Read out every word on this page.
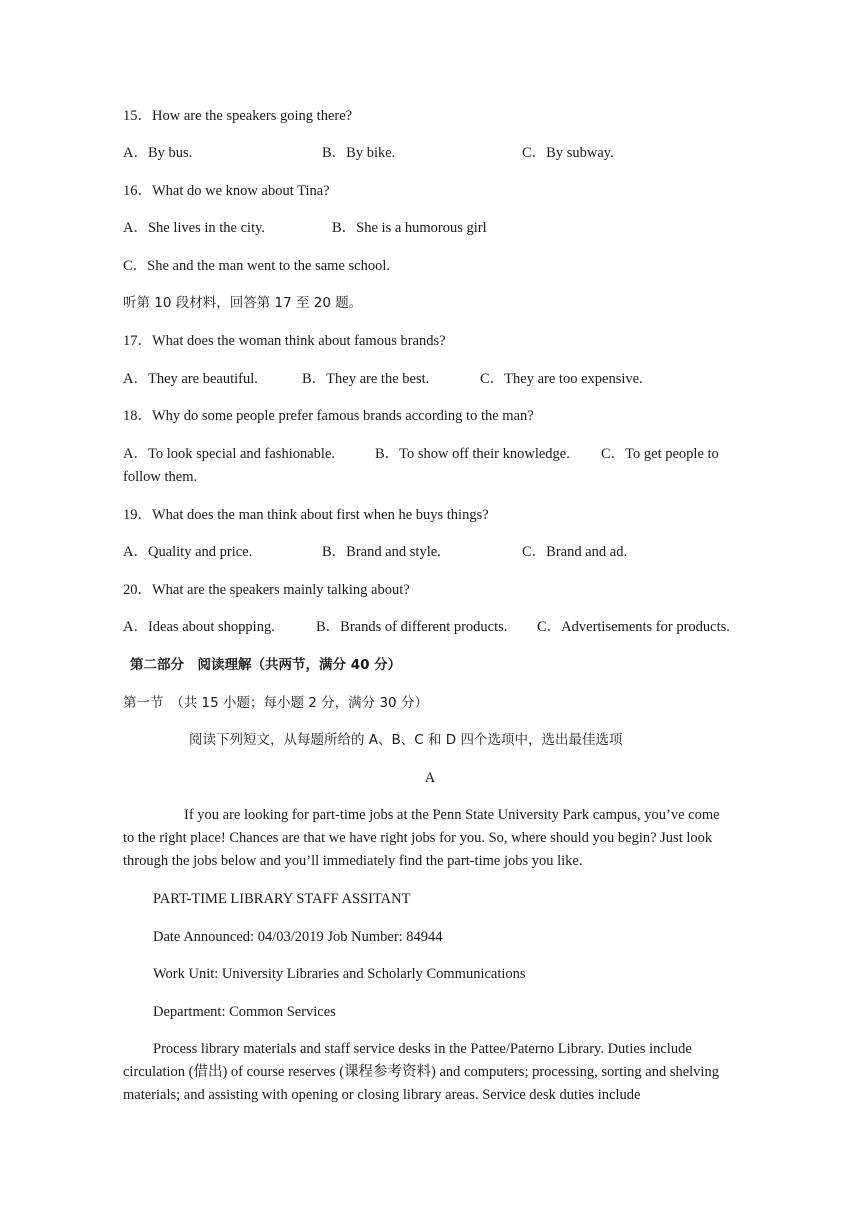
15．How are the speakers going there?
A．By bus.	B．By bike.	C．By subway.
16．What do we know about Tina?
A．She lives in the city.	B．She is a humorous girl
C．She and the man went to the same school.
听第 10 段材料，回答第 17 至 20 题。
17．What does the woman think about famous brands?
A．They are beautiful.	B．They are the best.	C．They are too expensive.
18．Why do some people prefer famous brands according to the man?
A．To look special and fashionable.	B．To show off their knowledge. C．To get people to
follow them.
19．What does the man think about first when he buys things?
A．Quality and price.	B．Brand and style.	C．Brand and ad.
20．What are the speakers mainly talking about?
A．Ideas about shopping.	B．Brands of different products. C．Advertisements for products.
第二部分　阅读理解（共两节，满分 40 分）
第一节　（共 15 小题；每小题 2 分，满分 30 分）
阅读下列短文，从每题所给的 A、B、C 和 D 四个选项中，选出最佳选项
A
If you are looking for part-time jobs at the Penn State University Park campus, you’ve come to the right place! Chances are that we have right jobs for you. So, where should you begin? Just look through the jobs below and you’ll immediately find the part-time jobs you like.
PART-TIME LIBRARY STAFF ASSITANT
Date Announced: 04/03/2019 Job Number: 84944
Work Unit: University Libraries and Scholarly Communications
Department: Common Services
Process library materials and staff service desks in the Pattee/Paterno Library. Duties include circulation (借出) of course reserves (课程参考资料) and computers; processing, sorting and shelving materials; and assisting with opening or closing library areas. Service desk duties include
